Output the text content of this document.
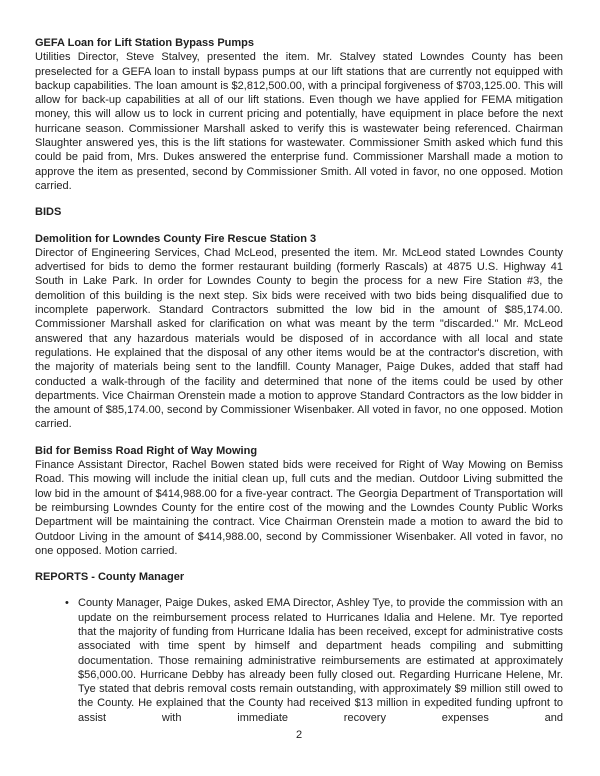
GEFA Loan for Lift Station Bypass Pumps

Utilities Director, Steve Stalvey, presented the item. Mr. Stalvey stated Lowndes County has been preselected for a GEFA loan to install bypass pumps at our lift stations that are currently not equipped with backup capabilities. The loan amount is $2,812,500.00, with a principal forgiveness of $703,125.00. This will allow for back-up capabilities at all of our lift stations. Even though we have applied for FEMA mitigation money, this will allow us to lock in current pricing and potentially, have equipment in place before the next hurricane season. Commissioner Marshall asked to verify this is wastewater being referenced. Chairman Slaughter answered yes, this is the lift stations for wastewater. Commissioner Smith asked which fund this could be paid from, Mrs. Dukes answered the enterprise fund. Commissioner Marshall made a motion to approve the item as presented, second by Commissioner Smith. All voted in favor, no one opposed. Motion carried.

BIDS
Demolition for Lowndes County Fire Rescue Station 3

Director of Engineering Services, Chad McLeod, presented the item. Mr. McLeod stated Lowndes County advertised for bids to demo the former restaurant building (formerly Rascals) at 4875 U.S. Highway 41 South in Lake Park. In order for Lowndes County to begin the process for a new Fire Station #3, the demolition of this building is the next step. Six bids were received with two bids being disqualified due to incomplete paperwork. Standard Contractors submitted the low bid in the amount of $85,174.00. Commissioner Marshall asked for clarification on what was meant by the term "discarded." Mr. McLeod answered that any hazardous materials would be disposed of in accordance with all local and state regulations. He explained that the disposal of any other items would be at the contractor's discretion, with the majority of materials being sent to the landfill. County Manager, Paige Dukes, added that staff had conducted a walk-through of the facility and determined that none of the items could be used by other departments. Vice Chairman Orenstein made a motion to approve Standard Contractors as the low bidder in the amount of $85,174.00, second by Commissioner Wisenbaker. All voted in favor, no one opposed. Motion carried.

Bid for Bemiss Road Right of Way Mowing

Finance Assistant Director, Rachel Bowen stated bids were received for Right of Way Mowing on Bemiss Road. This mowing will include the initial clean up, full cuts and the median. Outdoor Living submitted the low bid in the amount of $414,988.00 for a five-year contract. The Georgia Department of Transportation will be reimbursing Lowndes County for the entire cost of the mowing and the Lowndes County Public Works Department will be maintaining the contract. Vice Chairman Orenstein made a motion to award the bid to Outdoor Living in the amount of $414,988.00, second by Commissioner Wisenbaker. All voted in favor, no one opposed. Motion carried.

REPORTS - County Manager
• County Manager, Paige Dukes, asked EMA Director, Ashley Tye, to provide the commission with an update on the reimbursement process related to Hurricanes Idalia and Helene. Mr. Tye reported that the majority of funding from Hurricane Idalia has been received, except for administrative costs associated with time spent by himself and department heads compiling and submitting documentation. Those remaining administrative reimbursements are estimated at approximately $56,000.00. Hurricane Debby has already been fully closed out. Regarding Hurricane Helene, Mr. Tye stated that debris removal costs remain outstanding, with approximately $9 million still owed to the County. He explained that the County had received $13 million in expedited funding upfront to assist with immediate recovery expenses and

2
